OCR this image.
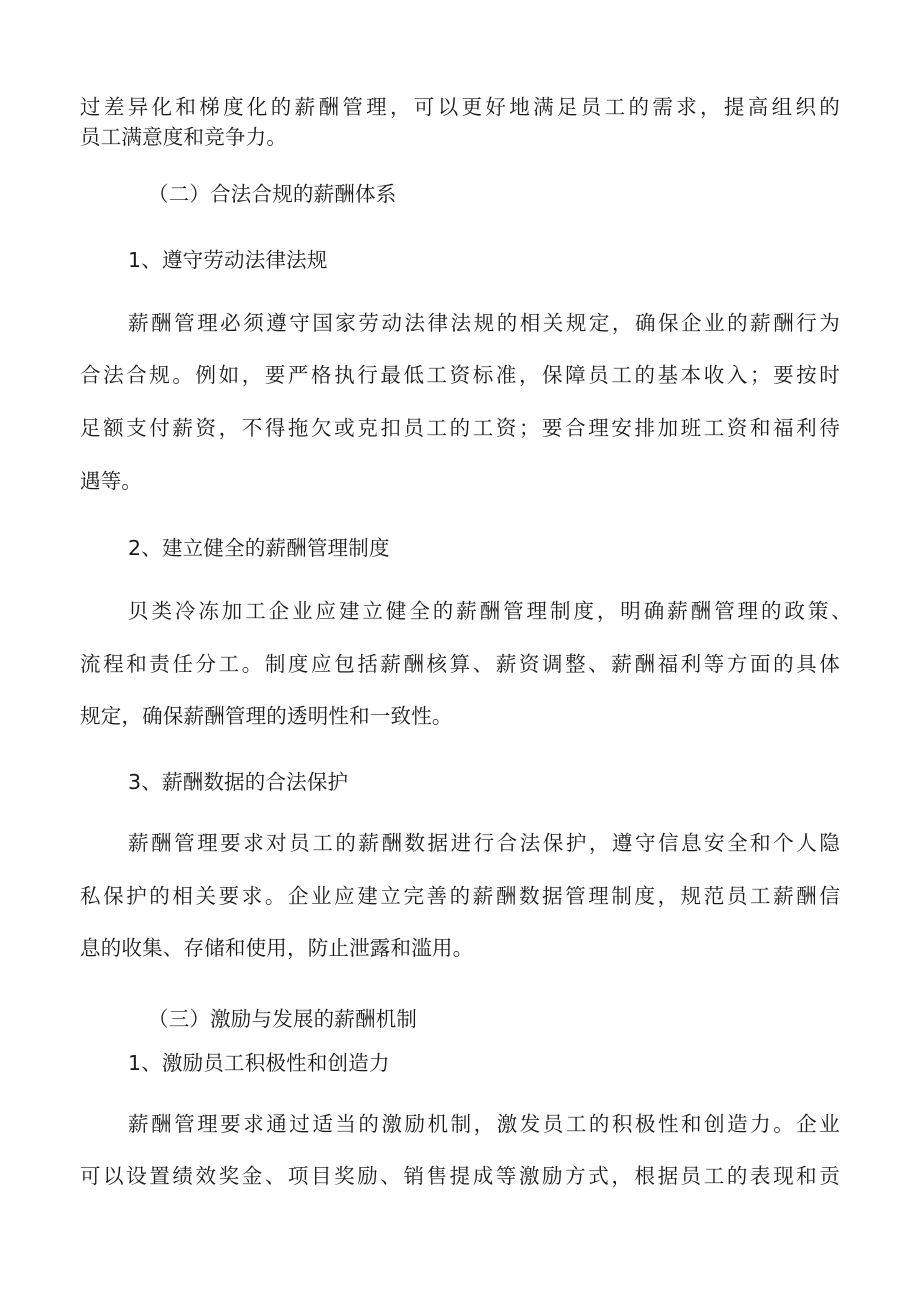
过差异化和梯度化的薪酬管理，可以更好地满足员工的需求，提高组织的
员工满意度和竞争力。
（二）合法合规的薪酬体系
1、遵守劳动法律法规
薪酬管理必须遵守国家劳动法律法规的相关规定，确保企业的薪酬行为
合法合规。例如，要严格执行最低工资标准，保障员工的基本收入；要按时
足额支付薪资，不得拖欠或克扣员工的工资；要合理安排加班工资和福利待
遇等。
2、建立健全的薪酬管理制度
贝类冷冻加工企业应建立健全的薪酬管理制度，明确薪酬管理的政策、
流程和责任分工。制度应包括薪酬核算、薪资调整、薪酬福利等方面的具体
规定，确保薪酬管理的透明性和一致性。
3、薪酬数据的合法保护
薪酬管理要求对员工的薪酬数据进行合法保护，遵守信息安全和个人隐
私保护的相关要求。企业应建立完善的薪酬数据管理制度，规范员工薪酬信
息的收集、存储和使用，防止泄露和滥用。
（三）激励与发展的薪酬机制
1、激励员工积极性和创造力
薪酬管理要求通过适当的激励机制，激发员工的积极性和创造力。企业
可以设置绩效奖金、项目奖励、销售提成等激励方式，根据员工的表现和贡
